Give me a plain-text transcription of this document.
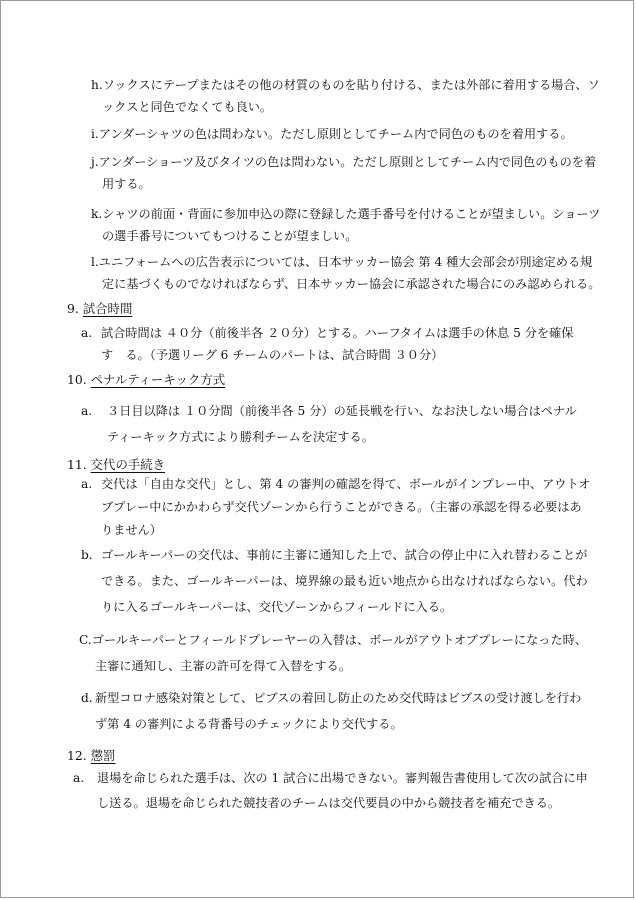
h.ソックスにテープまたはその他の材質のものを貼り付ける、または外部に着用する場合、ソ
ックスと同色でなくても良い。
i.アンダーシャツの色は問わない。ただし原則としてチーム内で同色のものを着用する。
j.アンダーショーツ及びタイツの色は問わない。ただし原則としてチーム内で同色のものを着
用する。
k.シャツの前面・背面に参加申込の際に登録した選手番号を付けることが望ましい。ショーツ
の選手番号についてもつけることが望ましい。
l.ユニフォームへの広告表示については、日本サッカー協会 第 4 種大会部会が別途定める規
定に基づくものでなければならず、日本サッカー協会に承認された場合にのみ認められる。
9. 試合時間
a. 試合時間は ４０分（前後半各 ２０分）とする。ハーフタイムは選手の休息 5 分を確保
す　る。（予選リーグ 6 チームのパートは、試合時間 ３０分）
10. ペナルティーキック方式
a. ３日目以降は １０分間（前後半各 5 分）の延長戦を行い、なお決しない場合はペナル
ティーキック方式により勝利チームを決定する。
11. 交代の手続き
a. 交代は「自由な交代」とし、第 4 の審判の確認を得て、ボールがインプレー中、アウトオ
ブプレー中にかかわらず交代ゾーンから行うことができる。（主審の承認を得る必要はあ
りません）
b. ゴールキーパーの交代は、事前に主審に通知した上で、試合の停止中に入れ替わることが
できる。また、ゴールキーパーは、境界線の最も近い地点から出なければならない。代わ
りに入るゴールキーパーは、交代ゾーンからフィールドに入る。
C.ゴールキーパーとフィールドプレーヤーの入替は、ボールがアウトオブプレーになった時、
主審に通知し、主審の許可を得て入替をする。
d. 新型コロナ感染対策として、ビブスの着回し防止のため交代時はビブスの受け渡しを行わ
ず第 4 の審判による背番号のチェックにより交代する。
12. 懲罰
a. 退場を命じられた選手は、次の 1 試合に出場できない。審判報告書使用して次の試合に申
し送る。退場を命じられた競技者のチームは交代要員の中から競技者を補充できる。
